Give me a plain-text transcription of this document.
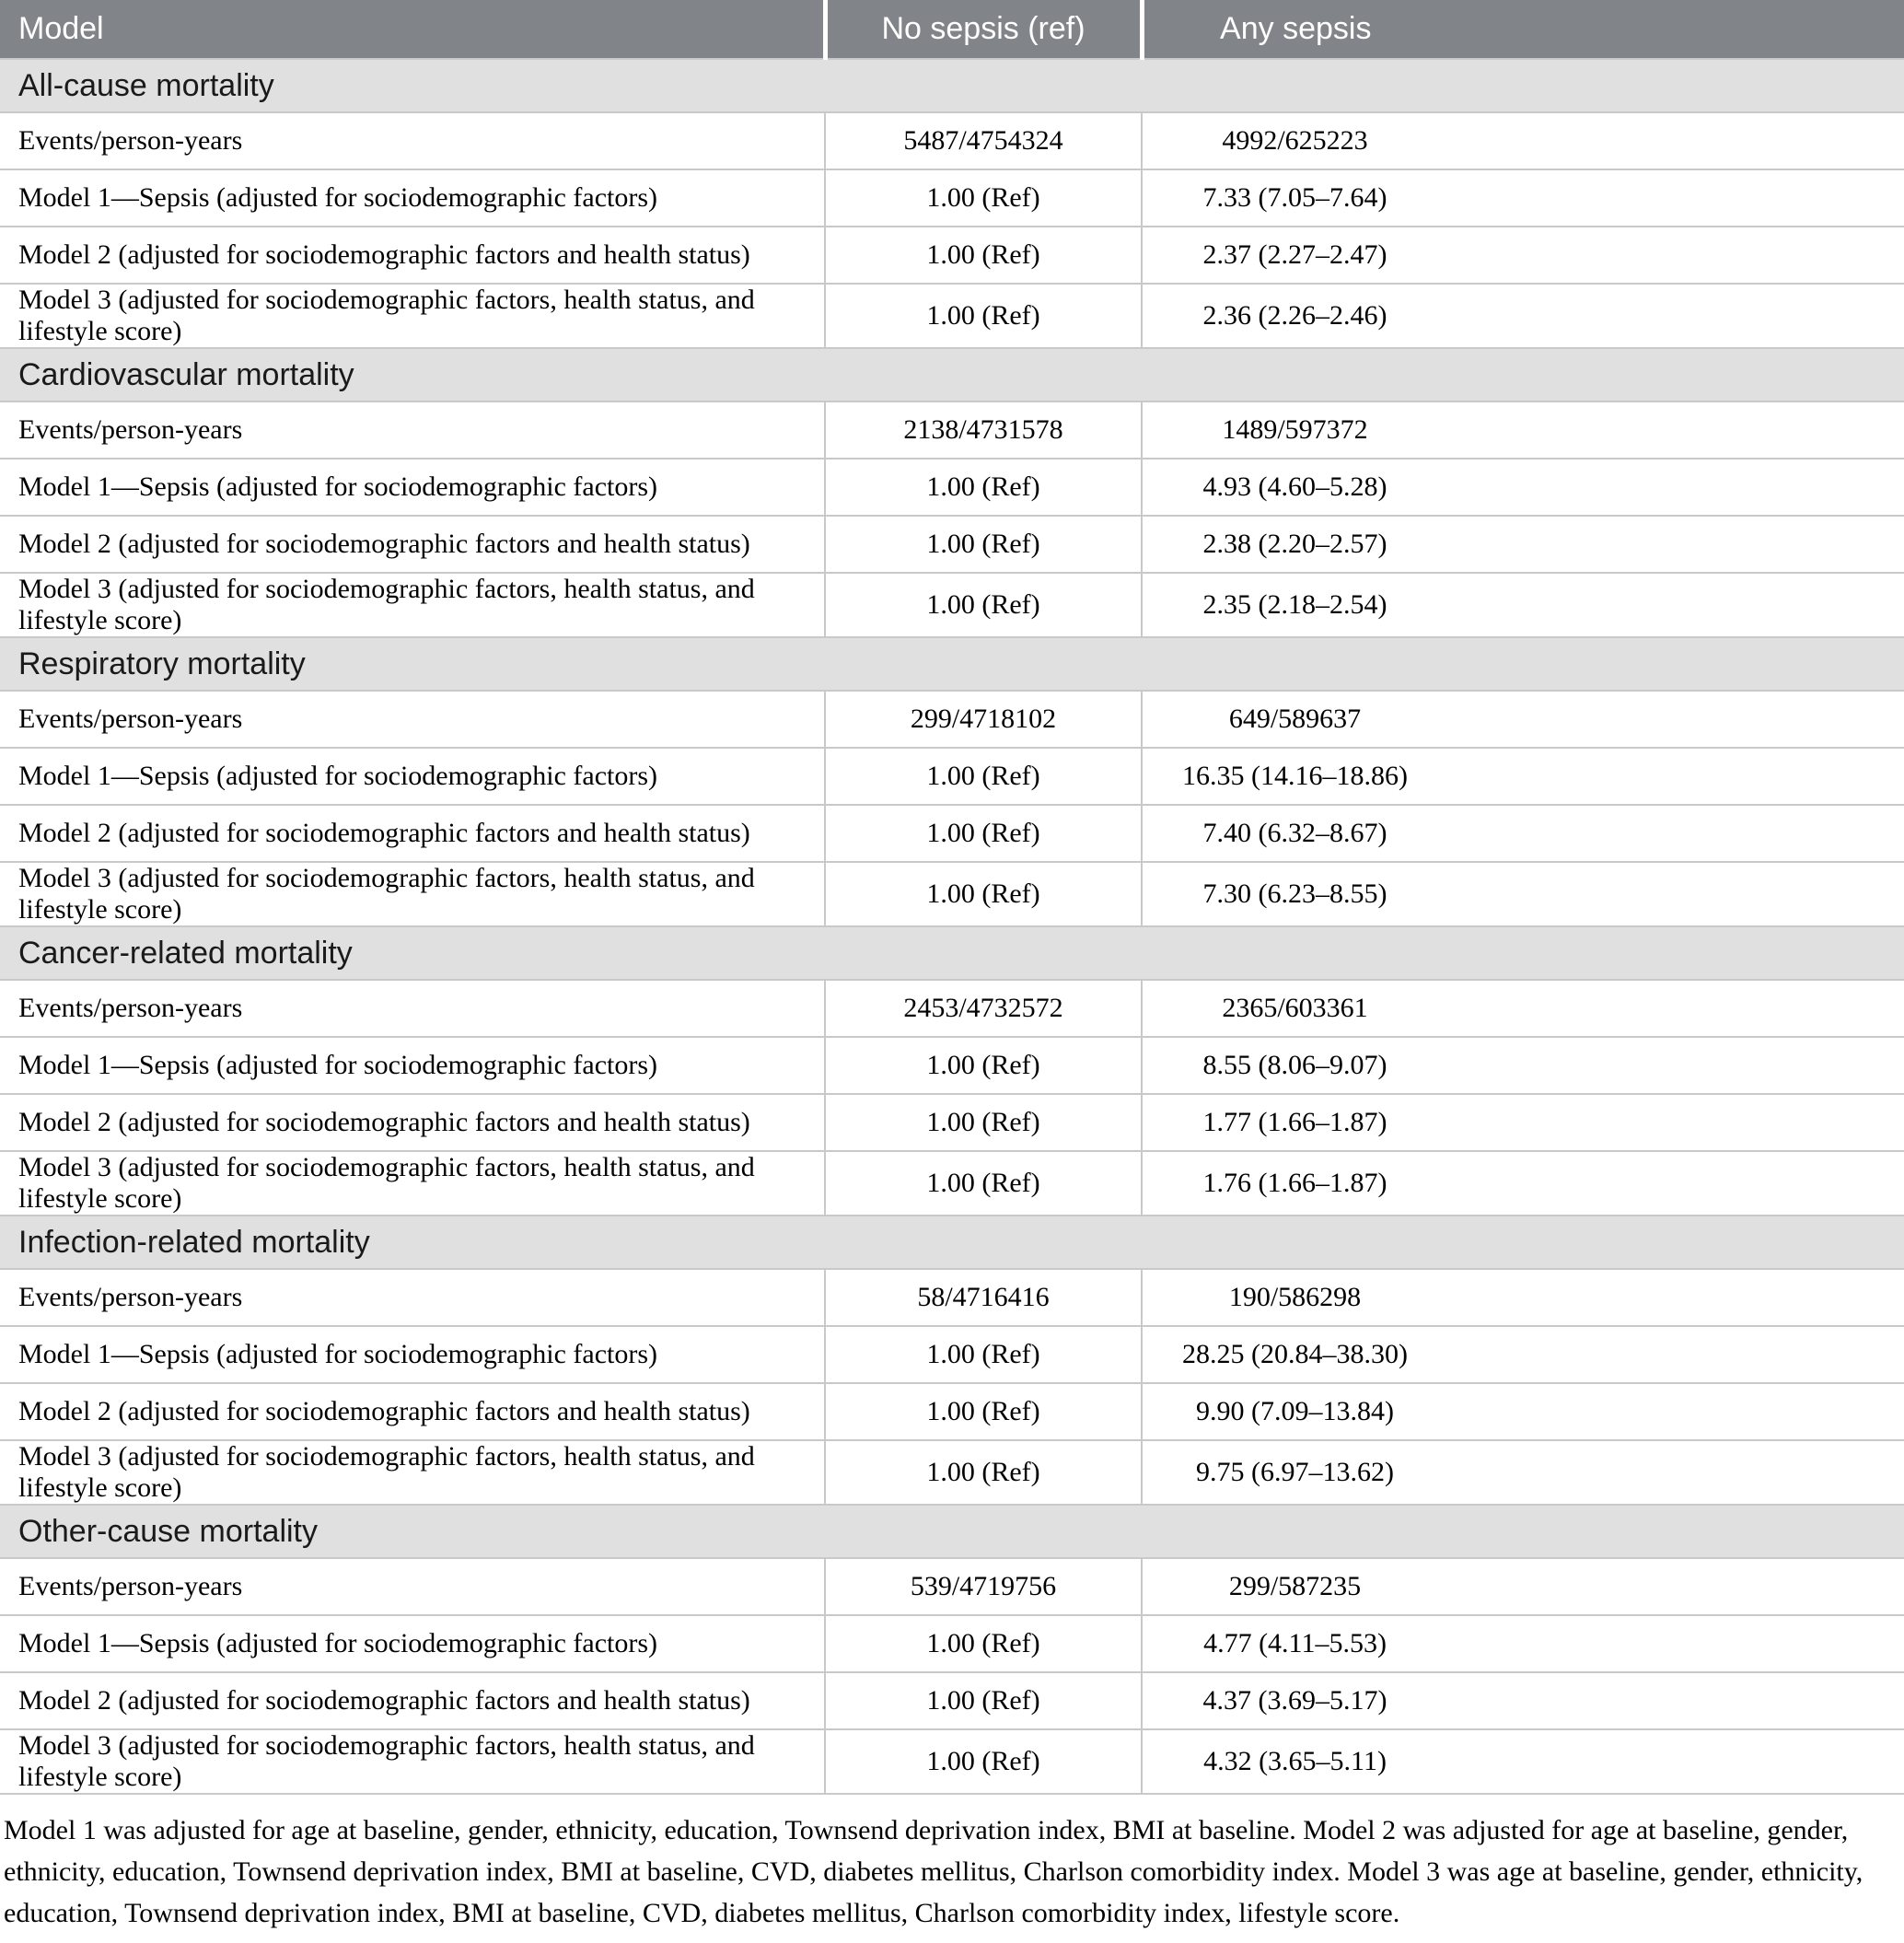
Model	No sepsis (ref)	Any sepsis	
All-cause mortality			
Events/person-years	5487/4754324	4992/625223	
Model 1—Sepsis (adjusted for sociodemographic factors)	1.00 (Ref)	7.33 (7.05–7.64)	
Model 2 (adjusted for sociodemographic factors and health status)	1.00 (Ref)	2.37 (2.27–2.47)	
Model 3 (adjusted for sociodemographic factors, health status, and lifestyle score)	1.00 (Ref)	2.36 (2.26–2.46)	
Cardiovascular mortality			
Events/person-years	2138/4731578	1489/597372	
Model 1—Sepsis (adjusted for sociodemographic factors)	1.00 (Ref)	4.93 (4.60–5.28)	
Model 2 (adjusted for sociodemographic factors and health status)	1.00 (Ref)	2.38 (2.20–2.57)	
Model 3 (adjusted for sociodemographic factors, health status, and lifestyle score)	1.00 (Ref)	2.35 (2.18–2.54)	
Respiratory mortality			
Events/person-years	299/4718102	649/589637	
Model 1—Sepsis (adjusted for sociodemographic factors)	1.00 (Ref)	16.35 (14.16–18.86)	
Model 2 (adjusted for sociodemographic factors and health status)	1.00 (Ref)	7.40 (6.32–8.67)	
Model 3 (adjusted for sociodemographic factors, health status, and lifestyle score)	1.00 (Ref)	7.30 (6.23–8.55)	
Cancer-related mortality			
Events/person-years	2453/4732572	2365/603361	
Model 1—Sepsis (adjusted for sociodemographic factors)	1.00 (Ref)	8.55 (8.06–9.07)	
Model 2 (adjusted for sociodemographic factors and health status)	1.00 (Ref)	1.77 (1.66–1.87)	
Model 3 (adjusted for sociodemographic factors, health status, and lifestyle score)	1.00 (Ref)	1.76 (1.66–1.87)	
Infection-related mortality			
Events/person-years	58/4716416	190/586298	
Model 1—Sepsis (adjusted for sociodemographic factors)	1.00 (Ref)	28.25 (20.84–38.30)	
Model 2 (adjusted for sociodemographic factors and health status)	1.00 (Ref)	9.90 (7.09–13.84)	
Model 3 (adjusted for sociodemographic factors, health status, and lifestyle score)	1.00 (Ref)	9.75 (6.97–13.62)	
Other-cause mortality			
Events/person-years	539/4719756	299/587235	
Model 1—Sepsis (adjusted for sociodemographic factors)	1.00 (Ref)	4.77 (4.11–5.53)	
Model 2 (adjusted for sociodemographic factors and health status)	1.00 (Ref)	4.37 (3.69–5.17)	
Model 3 (adjusted for sociodemographic factors, health status, and lifestyle score)	1.00 (Ref)	4.32 (3.65–5.11)	
Model 1 was adjusted for age at baseline, gender, ethnicity, education, Townsend deprivation index, BMI at baseline. Model 2 was adjusted for age at baseline, gender, ethnicity, education, Townsend deprivation index, BMI at baseline, CVD, diabetes mellitus, Charlson comorbidity index. Model 3 was age at baseline, gender, ethnicity, education, Townsend deprivation index, BMI at baseline, CVD, diabetes mellitus, Charlson comorbidity index, lifestyle score.
